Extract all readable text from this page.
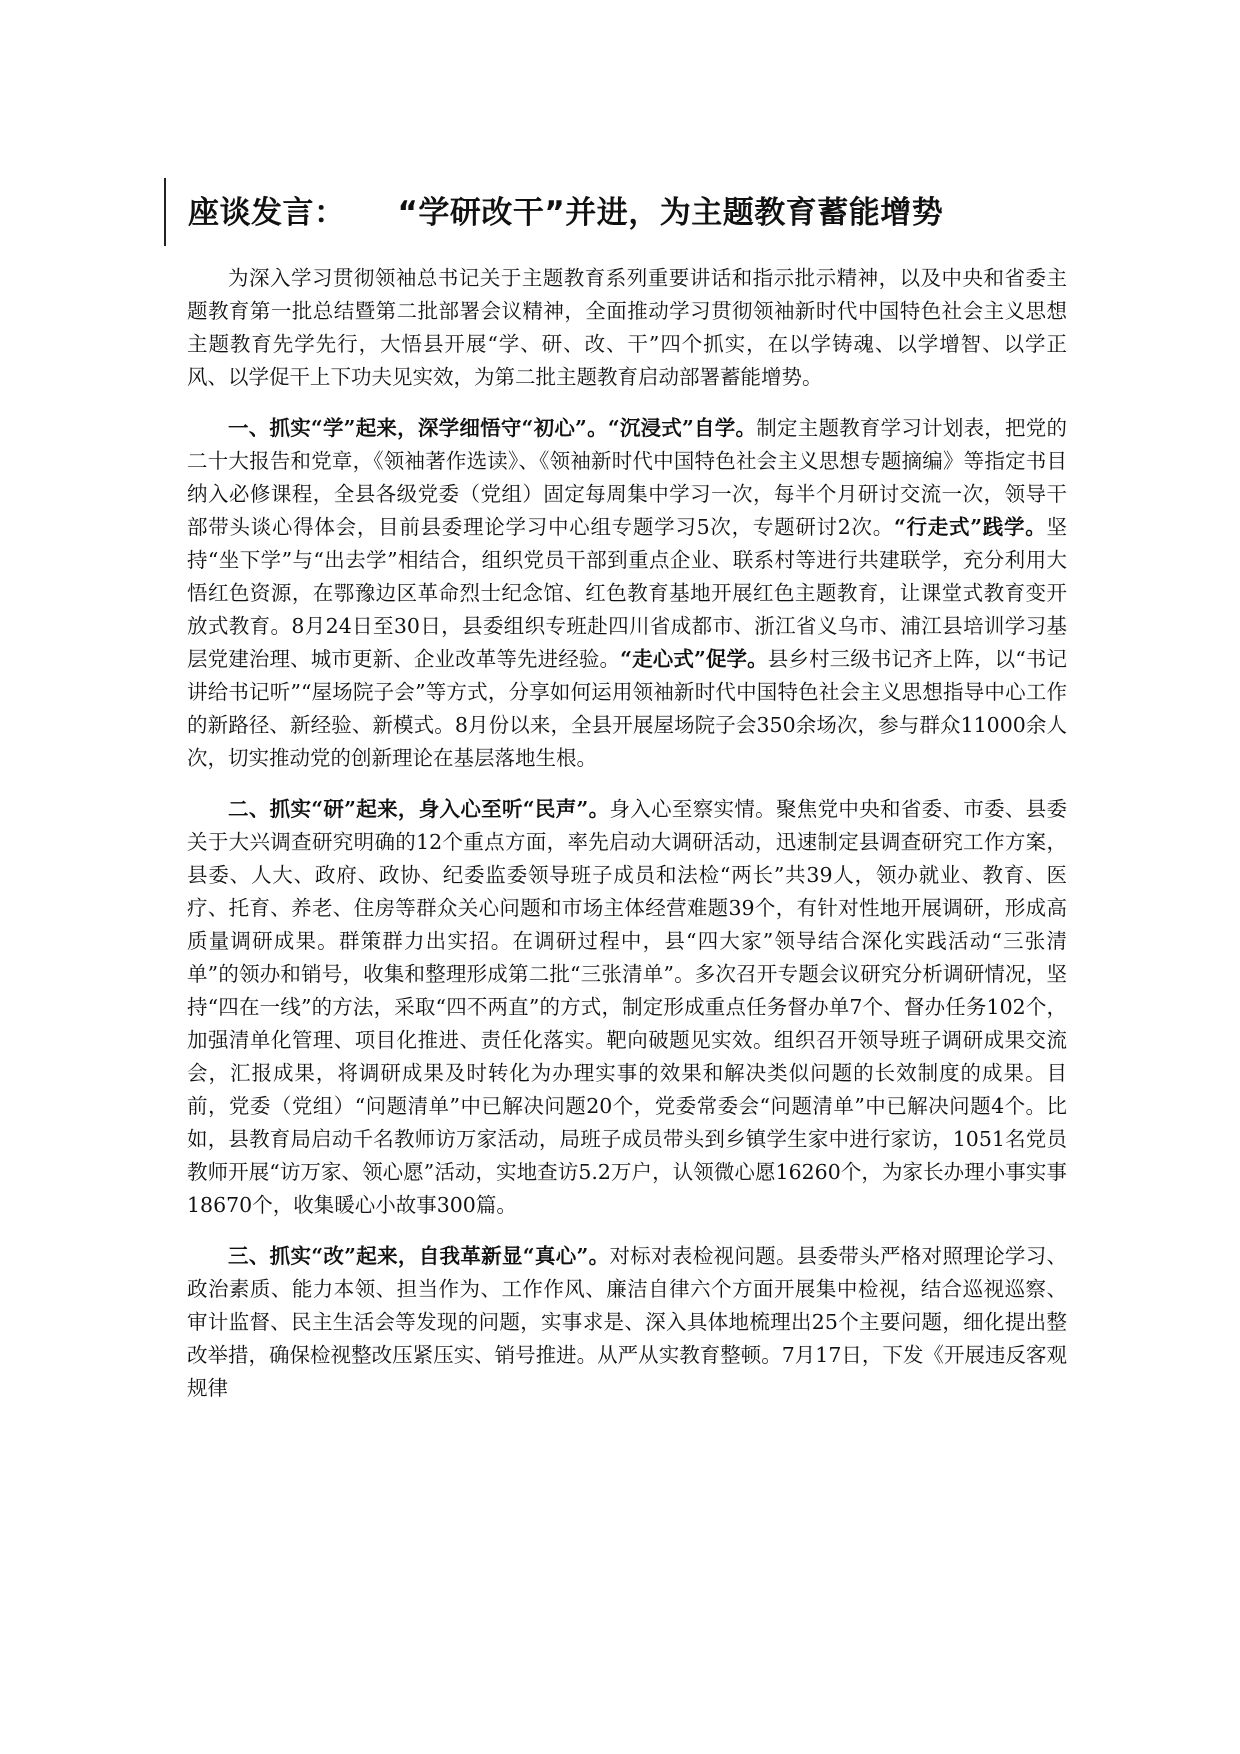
座谈发言： “学研改干”并进，为主题教育蓄能增势

为深入学习贯彻领袖总书记关于主题教育系列重要讲话和指示批示精神，以及中央和省委主题教育第一批总结暨第二批部署会议精神，全面推动学习贯彻领袖新时代中国特色社会主义思想主题教育先学先行，大悟县开展“学、研、改、干”四个抓实，在以学铸魂、以学增智、以学正风、以学促干上下功夫见实效，为第二批主题教育启动部署蓄能增势。

一、抓实“学”起来，深学细悟守“初心”。“沉浸式”自学。制定主题教育学习计划表，把党的二十大报告和党章，《领袖著作选读》、《领袖新时代中国特色社会主义思想专题摘编》等指定书目纳入必修课程，全县各级党委（党组）固定每周集中学习一次，每半个月研讨交流一次，领导干部带头谈心得体会，目前县委理论学习中心组专题学习5次，专题研讨2次。“行走式”践学。坚持“坐下学”与“出去学”相结合，组织党员干部到重点企业、联系村等进行共建联学，充分利用大悟红色资源，在鄂豫边区革命烈士纪念馆、红色教育基地开展红色主题教育，让课堂式教育变开放式教育。8月24日至30日，县委组织专班赴四川省成都市、浙江省义乌市、浦江县培训学习基层党建治理、城市更新、企业改革等先进经验。“走心式”促学。县乡村三级书记齐上阵，以“书记讲给书记听”“屋场院子会”等方式，分享如何运用领袖新时代中国特色社会主义思想指导中心工作的新路径、新经验、新模式。8月份以来，全县开展屋场院子会350余场次，参与群众11000余人次，切实推动党的创新理论在基层落地生根。

二、抓实“研”起来，身入心至听“民声”。身入心至察实情。聚焦党中央和省委、市委、县委关于大兴调查研究明确的12个重点方面，率先启动大调研活动，迅速制定县调查研究工作方案，县委、人大、政府、政协、纪委监委领导班子成员和法检“两长”共39人，领办就业、教育、医疗、托育、养老、住房等群众关心问题和市场主体经营难题39个，有针对性地开展调研，形成高质量调研成果。群策群力出实招。在调研过程中，县“四大家”领导结合深化实践活动“三张清单”的领办和销号，收集和整理形成第二批“三张清单”。多次召开专题会议研究分析调研情况，坚持“四在一线”的方法，采取“四不两直”的方式，制定形成重点任务督办单7个、督办任务102个，加强清单化管理、项目化推进、责任化落实。靶向破题见实效。组织召开领导班子调研成果交流会，汇报成果，将调研成果及时转化为办理实事的效果和解决类似问题的长效制度的成果。目前，党委（党组）“问题清单”中已解决问题20个，党委常委会“问题清单”中已解决问题4个。比如，县教育局启动千名教师访万家活动，局班子成员带头到乡镇学生家中进行家访，1051名党员教师开展“访万家、领心愿”活动，实地查访5.2万户，认领微心愿16260个，为家长办理小事实事18670个，收集暖心小故事300篇。

三、抓实“改”起来，自我革新显“真心”。对标对表检视问题。县委带头严格对照理论学习、政治素质、能力本领、担当作为、工作作风、廉洁自律六个方面开展集中检视，结合巡视巡察、审计监督、民主生活会等发现的问题，实事求是、深入具体地梳理出25个主要问题，细化提出整改举措，确保检视整改压紧压实、销号推进。从严从实教育整顿。7月17日，下发《开展违反客观规律
